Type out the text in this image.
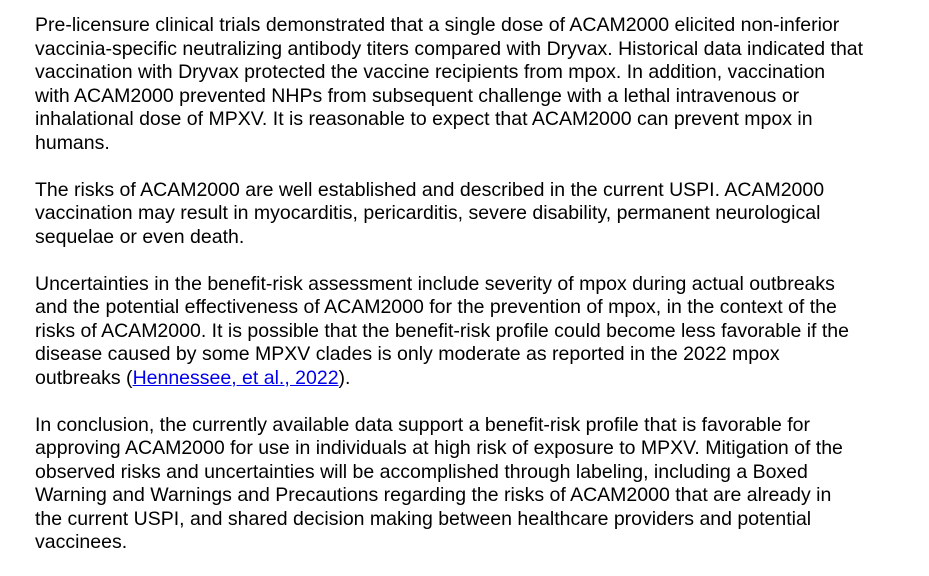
Pre-licensure clinical trials demonstrated that a single dose of ACAM2000 elicited non-inferior
vaccinia-specific neutralizing antibody titers compared with Dryvax. Historical data indicated that
vaccination with Dryvax protected the vaccine recipients from mpox. In addition, vaccination
with ACAM2000 prevented NHPs from subsequent challenge with a lethal intravenous or
inhalational dose of MPXV. It is reasonable to expect that ACAM2000 can prevent mpox in
humans.

The risks of ACAM2000 are well established and described in the current USPI. ACAM2000
vaccination may result in myocarditis, pericarditis, severe disability, permanent neurological
sequelae or even death.

Uncertainties in the benefit-risk assessment include severity of mpox during actual outbreaks
and the potential effectiveness of ACAM2000 for the prevention of mpox, in the context of the
risks of ACAM2000. It is possible that the benefit-risk profile could become less favorable if the
disease caused by some MPXV clades is only moderate as reported in the 2022 mpox
outbreaks (Hennessee, et al., 2022).

In conclusion, the currently available data support a benefit-risk profile that is favorable for
approving ACAM2000 for use in individuals at high risk of exposure to MPXV. Mitigation of the
observed risks and uncertainties will be accomplished through labeling, including a Boxed
Warning and Warnings and Precautions regarding the risks of ACAM2000 that are already in
the current USPI, and shared decision making between healthcare providers and potential
vaccinees.
